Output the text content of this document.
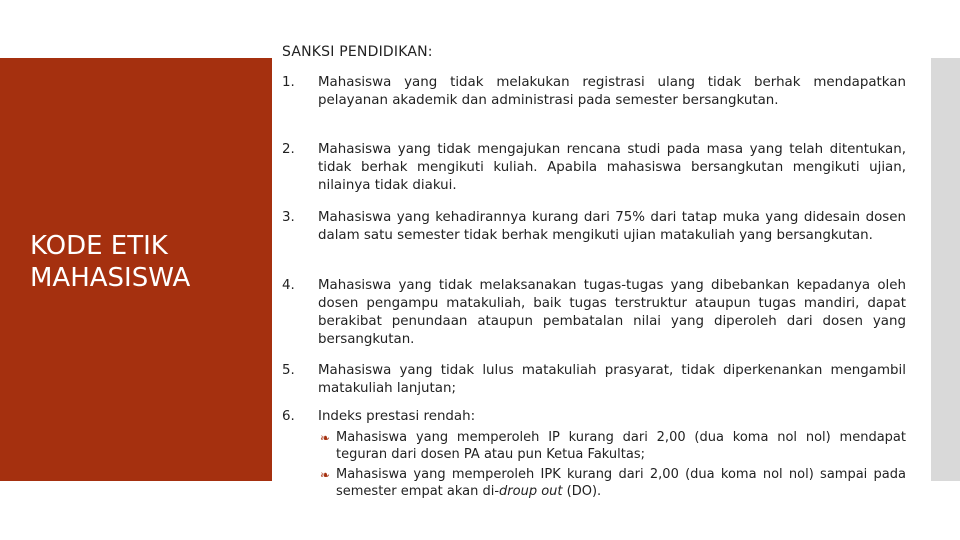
KODE ETIK
MAHASISWA
SANKSI PENDIDIKAN:
1.	Mahasiswa yang tidak melakukan registrasi ulang tidak berhak mendapatkan pelayanan akademik dan administrasi pada semester bersangkutan.
2.	Mahasiswa yang tidak mengajukan rencana studi pada masa yang telah ditentukan, tidak berhak mengikuti kuliah. Apabila mahasiswa bersangkutan mengikuti ujian, nilainya tidak diakui.
3.	Mahasiswa yang kehadirannya kurang dari 75% dari tatap muka yang didesain dosen dalam satu semester tidak berhak mengikuti ujian matakuliah yang bersangkutan.
4.	Mahasiswa yang tidak melaksanakan tugas-tugas yang dibebankan kepadanya oleh dosen pengampu matakuliah, baik tugas terstruktur ataupun tugas mandiri, dapat berakibat penundaan ataupun pembatalan nilai yang diperoleh dari dosen yang bersangkutan.
5.	Mahasiswa yang tidak lulus matakuliah prasyarat, tidak diperkenankan mengambil matakuliah lanjutan;
6.	Indeks prestasi rendah:
❧ Mahasiswa yang memperoleh IP kurang dari 2,00 (dua koma nol nol) mendapat teguran dari dosen PA atau pun Ketua Fakultas;
❧ Mahasiswa yang memperoleh IPK kurang dari 2,00 (dua koma nol nol) sampai pada semester empat akan di-droup out (DO).
